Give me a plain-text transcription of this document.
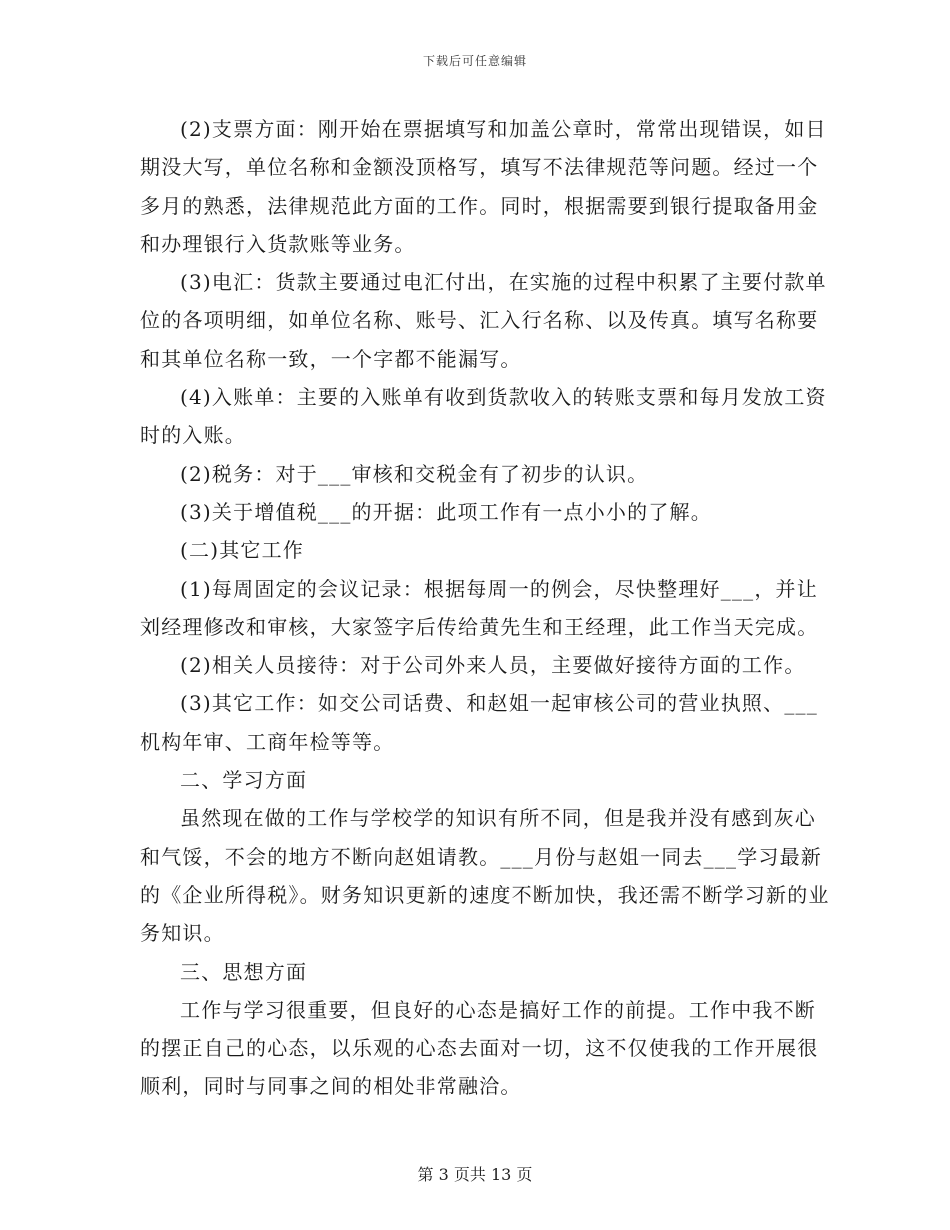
下载后可任意编辑

(2)支票方面：刚开始在票据填写和加盖公章时，常常出现错误，如日期没大写，单位名称和金额没顶格写，填写不法律规范等问题。经过一个多月的熟悉，法律规范此方面的工作。同时，根据需要到银行提取备用金和办理银行入货款账等业务。

(3)电汇：货款主要通过电汇付出，在实施的过程中积累了主要付款单位的各项明细，如单位名称、账号、汇入行名称、以及传真。填写名称要和其单位名称一致，一个字都不能漏写。

(4)入账单：主要的入账单有收到货款收入的转账支票和每月发放工资时的入账。

(2)税务：对于___审核和交税金有了初步的认识。

(3)关于增值税___的开据：此项工作有一点小小的了解。

(二)其它工作

(1)每周固定的会议记录：根据每周一的例会，尽快整理好___，并让刘经理修改和审核，大家签字后传给黄先生和王经理，此工作当天完成。

(2)相关人员接待：对于公司外来人员，主要做好接待方面的工作。

(3)其它工作：如交公司话费、和赵姐一起审核公司的营业执照、___机构年审、工商年检等等。

二、学习方面

虽然现在做的工作与学校学的知识有所不同，但是我并没有感到灰心和气馁，不会的地方不断向赵姐请教。___月份与赵姐一同去___学习最新的《企业所得税》。财务知识更新的速度不断加快，我还需不断学习新的业务知识。

三、思想方面

工作与学习很重要，但良好的心态是搞好工作的前提。工作中我不断的摆正自己的心态，以乐观的心态去面对一切，这不仅使我的工作开展很顺利，同时与同事之间的相处非常融洽。

第 3 页共 13 页
